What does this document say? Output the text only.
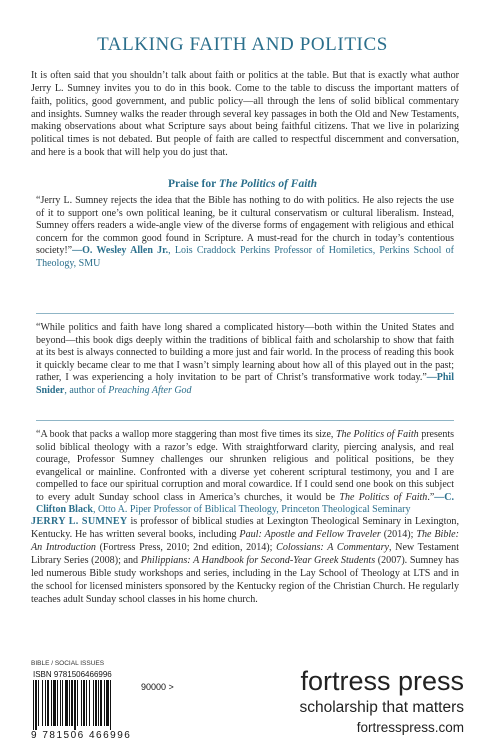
TALKING FAITH AND POLITICS

It is often said that you shouldn’t talk about faith or politics at the table. But that is exactly what author Jerry L. Sumney invites you to do in this book. Come to the table to discuss the important matters of faith, politics, good government, and public policy—all through the lens of solid biblical commentary and insights. Sumney walks the reader through several key passages in both the Old and New Testaments, making observations about what Scripture says about being faithful citizens. That we live in polarizing political times is not debated. But people of faith are called to respectful discernment and conversation, and here is a book that will help you do just that.

Praise for The Politics of Faith

“Jerry L. Sumney rejects the idea that the Bible has nothing to do with politics. He also rejects the use of it to support one’s own political leaning, be it cultural conservatism or cultural liberalism. Instead, Sumney offers readers a wide-angle view of the diverse forms of engagement with religious and ethical concern for the common good found in Scripture. A must-read for the church in today’s contentious society!”—O. Wesley Allen Jr., Lois Craddock Perkins Professor of Homiletics, Perkins School of Theology, SMU

“While politics and faith have long shared a complicated history—both within the United States and beyond—this book digs deeply within the traditions of biblical faith and scholarship to show that faith at its best is always connected to building a more just and fair world. In the process of reading this book it quickly became clear to me that I wasn’t simply learning about how all of this played out in the past; rather, I was experiencing a holy invitation to be part of Christ’s transformative work today.”—Phil Snider, author of Preaching After God

“A book that packs a wallop more staggering than most five times its size, The Politics of Faith presents solid biblical theology with a razor’s edge. With straightforward clarity, piercing analysis, and real courage, Professor Sumney challenges our shrunken religious and political positions, be they evangelical or mainline. Confronted with a diverse yet coherent scriptural testimony, you and I are compelled to face our spiritual corruption and moral cowardice. If I could send one book on this subject to every adult Sunday school class in America’s churches, it would be The Politics of Faith.”—C. Clifton Black, Otto A. Piper Professor of Biblical Theology, Princeton Theological Seminary

JERRY L. SUMNEY is professor of biblical studies at Lexington Theological Seminary in Lexington, Kentucky. He has written several books, including Paul: Apostle and Fellow Traveler (2014); The Bible: An Introduction (Fortress Press, 2010; 2nd edition, 2014); Colossians: A Commentary, New Testament Library Series (2008); and Philippians: A Handbook for Second-Year Greek Students (2007). Sumney has led numerous Bible study workshops and series, including in the Lay School of Theology at LTS and in the school for licensed ministers sponsored by the Kentucky region of the Christian Church. He regularly teaches adult Sunday school classes in his home church.

BIBLE / SOCIAL ISSUES
ISBN 9781506466996
90000 >
9 781506 466996
fortress press
scholarship that matters
fortresspress.com
